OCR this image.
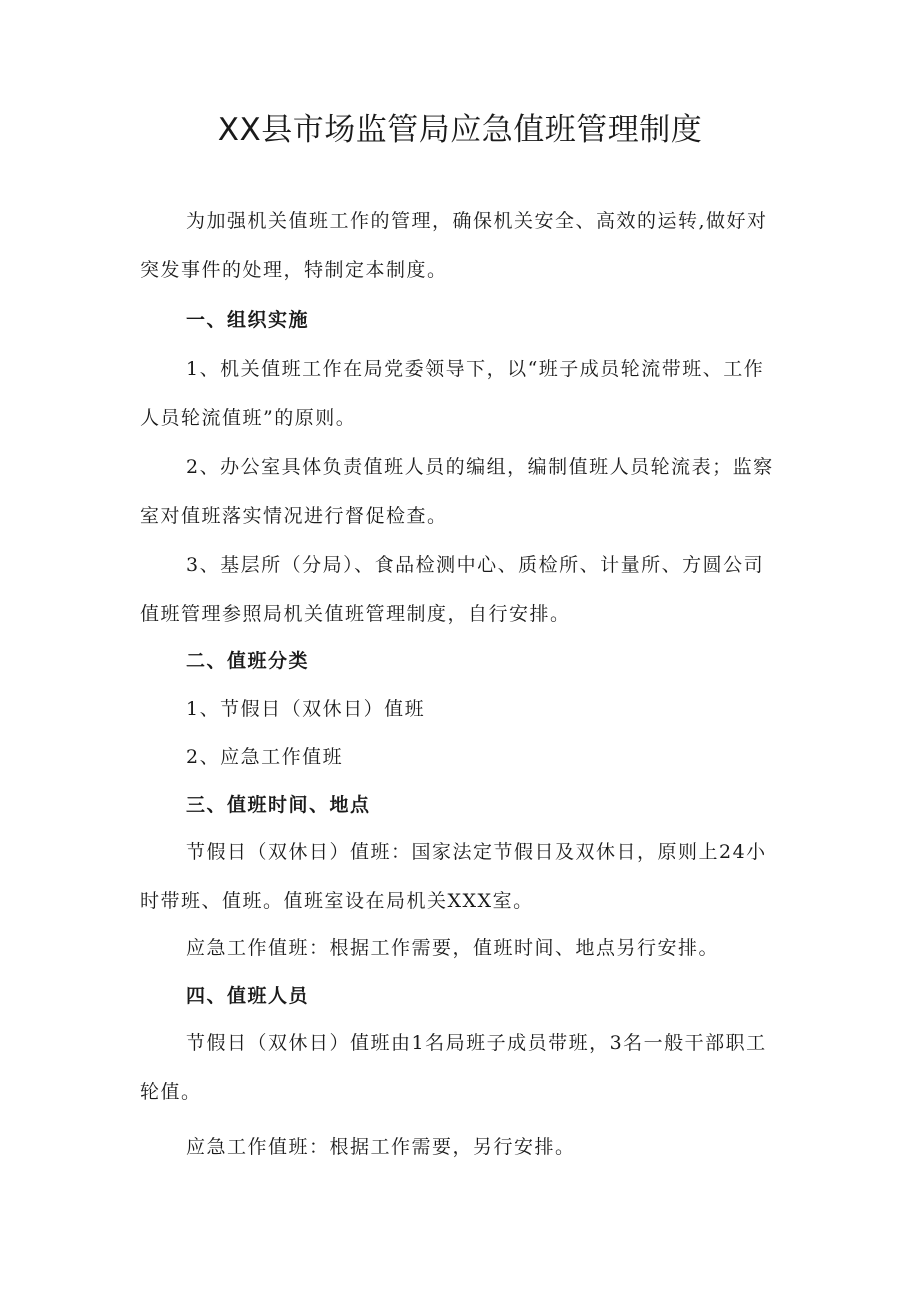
XX县市场监管局应急值班管理制度

为加强机关值班工作的管理，确保机关安全、高效的运转,做好对突发事件的处理，特制定本制度。

一、组织实施

1、机关值班工作在局党委领导下，以“班子成员轮流带班、工作人员轮流值班”的原则。

2、办公室具体负责值班人员的编组，编制值班人员轮流表；监察室对值班落实情况进行督促检查。

3、基层所（分局）、食品检测中心、质检所、计量所、方圆公司值班管理参照局机关值班管理制度，自行安排。

二、值班分类

1、节假日（双休日）值班

2、应急工作值班

三、值班时间、地点

节假日（双休日）值班：国家法定节假日及双休日，原则上24小时带班、值班。值班室设在局机关XXX室。

应急工作值班：根据工作需要，值班时间、地点另行安排。

四、值班人员

节假日（双休日）值班由1名局班子成员带班，3名一般干部职工轮值。

应急工作值班：根据工作需要，另行安排。
